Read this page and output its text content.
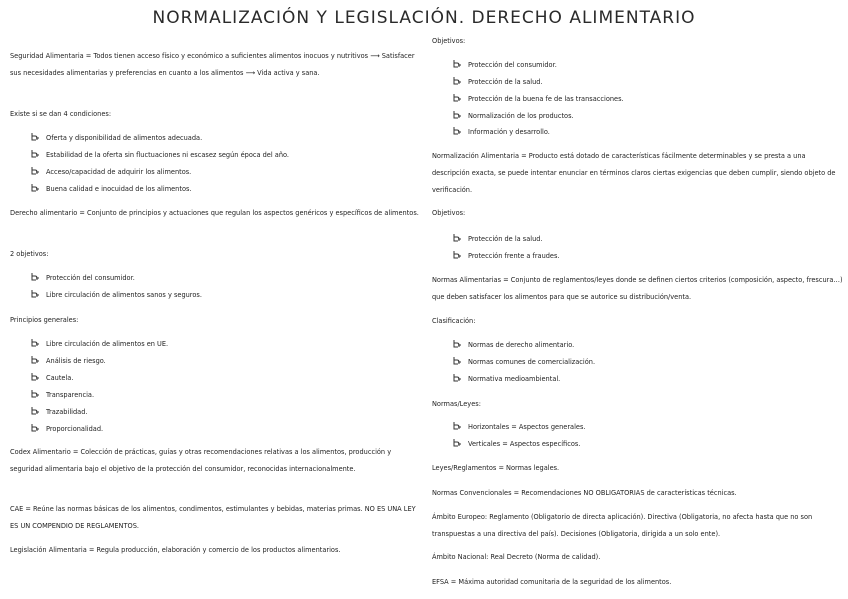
NORMALIZACIÓN Y LEGISLACIÓN. DERECHO ALIMENTARIO

Seguridad Alimentaria = Todos tienen acceso físico y económico a suficientes alimentos inocuos y nutritivos ⟶ Satisfacer sus necesidades alimentarias y preferencias en cuanto a los alimentos ⟶ Vida activa y sana.

Existe si se dan 4 condiciones:

Oferta y disponibilidad de alimentos adecuada.
Estabilidad de la oferta sin fluctuaciones ni escasez según época del año.
Acceso/capacidad de adquirir los alimentos.
Buena calidad e inocuidad de los alimentos.

Derecho alimentario = Conjunto de principios y actuaciones que regulan los aspectos genéricos y específicos de alimentos.

2 objetivos:

Protección del consumidor.
Libre circulación de alimentos sanos y seguros.

Principios generales:

Libre circulación de alimentos en UE.
Análisis de riesgo.
Cautela.
Transparencia.
Trazabilidad.
Proporcionalidad.

Codex Alimentario = Colección de prácticas, guías y otras recomendaciones relativas a los alimentos, producción y seguridad alimentaria bajo el objetivo de la protección del consumidor, reconocidas internacionalmente.

CAE = Reúne las normas básicas de los alimentos, condimentos, estimulantes y bebidas, materias primas. NO ES UNA LEY ES UN COMPENDIO DE REGLAMENTOS.

Legislación Alimentaria = Regula producción, elaboración y comercio de los productos alimentarios.

Objetivos:

Protección del consumidor.
Protección de la salud.
Protección de la buena fe de las transacciones.
Normalización de los productos.
Información y desarrollo.

Normalización Alimentaria = Producto está dotado de características fácilmente determinables y se presta a una descripción exacta, se puede intentar enunciar en términos claros ciertas exigencias que deben cumplir, siendo objeto de verificación.

Objetivos:

Protección de la salud.
Protección frente a fraudes.

Normas Alimentarias = Conjunto de reglamentos/leyes donde se definen ciertos criterios (composición, aspecto, frescura…) que deben satisfacer los alimentos para que se autorice su distribución/venta.

Clasificación:

Normas de derecho alimentario.
Normas comunes de comercialización.
Normativa medioambiental.

Normas/Leyes:

Horizontales = Aspectos generales.
Verticales = Aspectos específicos.

Leyes/Reglamentos = Normas legales.

Normas Convencionales = Recomendaciones NO OBLIGATORIAS de características técnicas.

Ámbito Europeo: Reglamento (Obligatorio de directa aplicación). Directiva (Obligatoria, no afecta hasta que no son transpuestas a una directiva del país). Decisiones (Obligatoria, dirigida a un solo ente).

Ámbito Nacional: Real Decreto (Norma de calidad).

EFSA = Máxima autoridad comunitaria de la seguridad de los alimentos.
